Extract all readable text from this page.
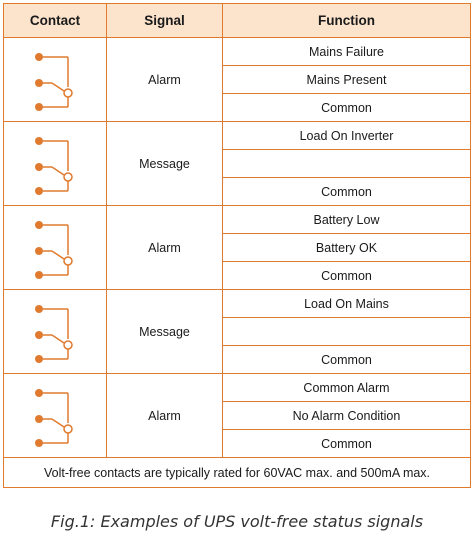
Contact	Signal	Function

	Alarm	Mains Failure
		Mains Present
		Common

	Message	Load On Inverter

		Common

	Alarm	Battery Low
		Battery OK
		Common

	Message	Load On Mains

		Common

	Alarm	Common Alarm
		No Alarm Condition
		Common
Volt-free contacts are typically rated for 60VAC max. and 500mA max.		
Fig.1: Examples of UPS volt-free status signals
